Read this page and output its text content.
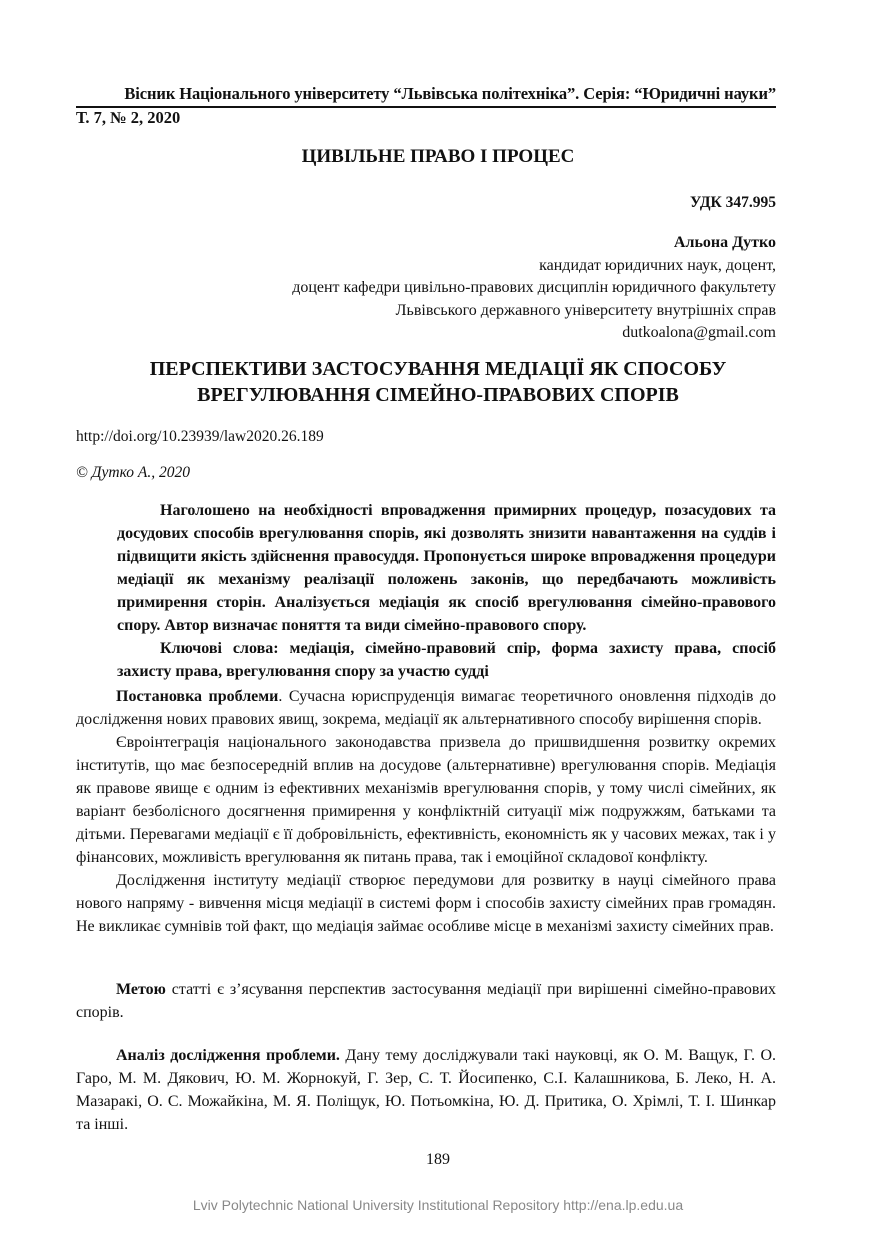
Вісник Національного університету “Львівська політехніка”. Серія: “Юридичні науки”
Т. 7, № 2, 2020
ЦИВІЛЬНЕ ПРАВО І ПРОЦЕС
УДК 347.995
Альона Дутко
кандидат юридичних наук, доцент,
доцент кафедри цивільно-правових дисциплін юридичного факультету
Львівського державного університету внутрішніх справ
dutkoalona@gmail.com
ПЕРСПЕКТИВИ ЗАСТОСУВАННЯ МЕДІАЦІЇ ЯК СПОСОБУ
ВРЕГУЛЮВАННЯ СІМЕЙНО-ПРАВОВИХ СПОРІВ
http://doi.org/10.23939/law2020.26.189
© Дутко А., 2020

Наголошено на необхідності впровадження примирних процедур, позасудових та досудових способів врегулювання спорів, які дозволять знизити навантаження на суддів і підвищити якість здійснення правосуддя. Пропонується широке впровадження процедури медіації як механізму реалізації положень законів, що передбачають можливість примирення сторін. Аналізується медіація як спосіб врегулювання сімейно-правового спору. Автор визначає поняття та види сімейно-правового спору.

Ключові слова: медіація, сімейно-правовий спір, форма захисту права, спосіб захисту права, врегулювання спору за участю судді

Постановка проблеми. Сучасна юриспруденція вимагає теоретичного оновлення підходів до дослідження нових правових явищ, зокрема, медіації як альтернативного способу вирішення спорів.

Євроінтеграція національного законодавства призвела до пришвидшення розвитку окремих інститутів, що має безпосередній вплив на досудове (альтернативне) врегулювання спорів. Медіація як правове явище є одним із ефективних механізмів врегулювання спорів, у тому числі сімейних, як варіант безболісного досягнення примирення у конфліктній ситуації між подружжям, батьками та дітьми. Перевагами медіації є її добровільність, ефективність, економність як у часових межах, так і у фінансових, можливість врегулювання як питань права, так і емоційної складової конфлікту.

Дослідження інституту медіації створює передумови для розвитку в науці сімейного права нового напряму - вивчення місця медіації в системі форм і способів захисту сімейних прав громадян. Не викликає сумнівів той факт, що медіація займає особливе місце в механізмі захисту сімейних прав.

Метою статті є з’ясування перспектив застосування медіації при вирішенні сімейно-правових спорів.

Аналіз дослідження проблеми. Дану тему досліджували такі науковці, як О. М. Ващук, Г. О. Гаро, М. М. Дякович, Ю. М. Жорнокуй, Г. Зер, С. Т. Йосипенко, С.І. Калашникова, Б. Леко, Н. А. Мазаракі, О. С. Можайкіна, М. Я. Поліщук, Ю. Потьомкіна, Ю. Д. Притика, О. Хрімлі, Т. І. Шинкар та інші.

189
Lviv Polytechnic National University Institutional Repository http://ena.lp.edu.ua
